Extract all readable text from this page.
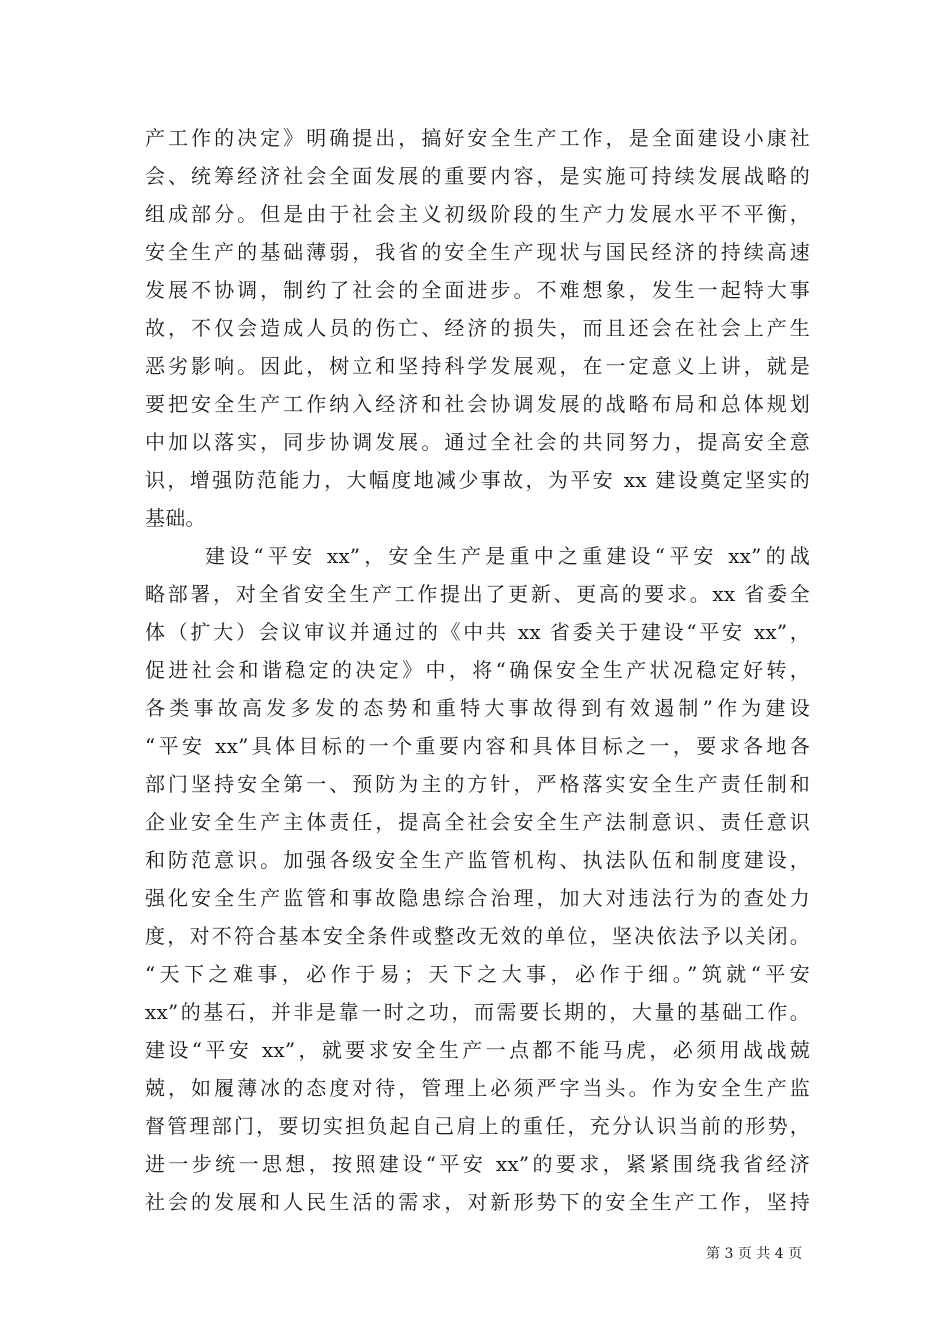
产工作的决定》明确提出，搞好安全生产工作，是全面建设小康社
会、统筹经济社会全面发展的重要内容，是实施可持续发展战略的
组成部分。但是由于社会主义初级阶段的生产力发展水平不平衡，
安全生产的基础薄弱，我省的安全生产现状与国民经济的持续高速
发展不协调，制约了社会的全面进步。不难想象，发生一起特大事
故，不仅会造成人员的伤亡、经济的损失，而且还会在社会上产生
恶劣影响。因此，树立和坚持科学发展观，在一定意义上讲，就是
要把安全生产工作纳入经济和社会协调发展的战略布局和总体规划
中加以落实，同步协调发展。通过全社会的共同努力，提高安全意
识，增强防范能力，大幅度地减少事故，为平安 xx 建设奠定坚实的
基础。
建设“平安 xx”，安全生产是重中之重建设“平安 xx”的战
略部署，对全省安全生产工作提出了更新、更高的要求。xx 省委全
体（扩大）会议审议并通过的《中共 xx 省委关于建设“平安 xx”，
促进社会和谐稳定的决定》中，将“确保安全生产状况稳定好转，
各类事故高发多发的态势和重特大事故得到有效遏制”作为建设
“平安 xx”具体目标的一个重要内容和具体目标之一，要求各地各
部门坚持安全第一、预防为主的方针，严格落实安全生产责任制和
企业安全生产主体责任，提高全社会安全生产法制意识、责任意识
和防范意识。加强各级安全生产监管机构、执法队伍和制度建设，
强化安全生产监管和事故隐患综合治理，加大对违法行为的查处力
度，对不符合基本安全条件或整改无效的单位，坚决依法予以关闭。
“天下之难事，必作于易；天下之大事，必作于细。”筑就“平安
xx”的基石，并非是靠一时之功，而需要长期的，大量的基础工作。
建设“平安 xx”，就要求安全生产一点都不能马虎，必须用战战兢
兢，如履薄冰的态度对待，管理上必须严字当头。作为安全生产监
督管理部门，要切实担负起自己肩上的重任，充分认识当前的形势，
进一步统一思想，按照建设“平安 xx”的要求，紧紧围绕我省经济
社会的发展和人民生活的需求，对新形势下的安全生产工作，坚持
第 3 页 共 4 页
